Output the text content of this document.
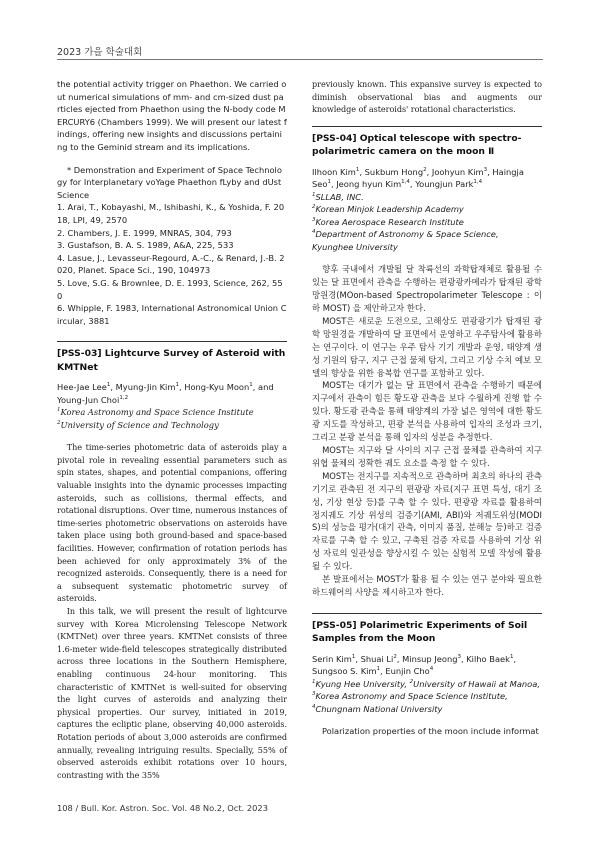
2023 가을 학술대회

the potential activity trigger on Phaethon. We carried out numerical simulations of mm- and cm-sized dust particles ejected from Phaethon using the N-body code MERCURY6 (Chambers 1999). We will present our latest findings, offering new insights and discussions pertaining to the Geminid stream and its implications.

* Demonstration and Experiment of Space Technology for Interplanetary voYage Phaethon fLyby and dUst Science

1. Arai, T., Kobayashi, M., Ishibashi, K., & Yoshida, F. 2018, LPI, 49, 2570

2. Chambers, J. E. 1999, MNRAS, 304, 793

3. Gustafson, B. A. S. 1989, A&A, 225, 533

4. Lasue, J., Levasseur-Regourd, A.-C., & Renard, J.-B. 2020, Planet. Space Sci., 190, 104973

5. Love, S.G. & Brownlee, D. E. 1993, Science, 262, 550

6. Whipple, F. 1983, International Astronomical Union Circular, 3881

[PSS-03] Lightcurve Survey of Asteroid with KMTNet
Hee-Jae Lee$^1$, Myung-Jin Kim$^1$, Hong-Kyu Moon$^1$, and Young-Jun Choi$^{1,2}$
$^1$Korea Astronomy and Space Science Institute
$^2$University of Science and Technology

The time-series photometric data of asteroids play a pivotal role in revealing essential parameters such as spin states, shapes, and potential companions, offering valuable insights into the dynamic processes impacting asteroids, such as collisions, thermal effects, and rotational disruptions. Over time, numerous instances of time-series photometric observations on asteroids have taken place using both ground-based and space-based facilities. However, confirmation of rotation periods has been achieved for only approximately 3% of the recognized asteroids. Consequently, there is a need for a subsequent systematic photometric survey of asteroids.

In this talk, we will present the result of lightcurve survey with Korea Microlensing Telescope Network (KMTNet) over three years. KMTNet consists of three 1.6-meter wide-field telescopes strategically distributed across three locations in the Southern Hemisphere, enabling continuous 24-hour monitoring. This characteristic of KMTNet is well-suited for observing the light curves of asteroids and analyzing their physical properties. Our survey, initiated in 2019, captures the ecliptic plane, observing 40,000 asteroids. Rotation periods of about 3,000 asteroids are confirmed annually, revealing intriguing results. Specially, 55% of observed asteroids exhibit rotations over 10 hours, contrasting with the 35%

previously known. This expansive survey is expected to diminish observational bias and augments our knowledge of asteroids' rotational characteristics.

[PSS-04] Optical telescope with spectro-polarimetric camera on the moon Ⅱ
Ilhoon Kim$^1$, Sukbum Hong$^2$, Joohyun Kim$^3$, Haingja Seo$^1$, Jeong hyun Kim$^{1,4}$, Youngjun Park$^{1,4}$
$^1$SLLAB, INC.
$^2$Korean Minjok Leadership Academy
$^3$Korea Aerospace Research Institute
$^4$Department of Astronomy & Space Science, Kyunghee University

향후 국내에서 개발될 달 착륙선의 과학탑재체로 활용될 수 있는 달 표면에서 관측을 수행하는 편광광카메라가 탑재된 광학망원경(MOon-based Spectropolarimeter Telescope : 이하 MOST) 을 제안하고자 한다.

MOST은 새로운 도전으로, 고해상도 편광광기가 탑재된 광학 망원경을 개발하여 달 표면에서 운영하고 우주탐사에 활용하는 연구이다. 이 연구는 우주 탐사 기기 개발과 운영, 태양계 생성 기원의 탐구, 지구 근접 물체 탐지, 그리고 기상 수치 예보 모델의 향상을 위한 융복합 연구를 포함하고 있다.

MOST는 대기가 없는 달 표면에서 관측을 수행하기 때문에 지구에서 관측이 힘든 황도광 관측을 보다 수월하게 진행 할 수 있다. 황도광 관측을 통해 태양계의 가장 넓은 영역에 대한 황도광 지도를 작성하고, 편광 분석을 사용하여 입자의 조성과 크기, 그리고 분광 분석을 통해 입자의 성분을 추정한다.

MOST는 지구와 달 사이의 지구 근접 물체를 관측하여 지구 위협 물체의 정확한 궤도 요소를 측정 할 수 있다.

MOST는 전지구를 지속적으로 관측하며 최초의 하나의 관측기기로 관측된 전 지구의 편광광 자료(지구 표면 특성, 대기 조성, 기상 현상 등)를 구축 할 수 있다. 편광광 자료를 활용하여 정지궤도 기상 위성의 검증기(AMI, ABI)와 저궤도위성(MODIS)의 성능을 평가(대기 관측, 이미지 품질, 분해능 등)하고 검증 자료를 구축 할 수 있고, 구축된 검증 자료를 사용하여 기상 위성 자료의 일관성을 향상시킬 수 있는 실험적 모델 작성에 활용 될 수 있다.

본 발표에서는 MOST가 활용 될 수 있는 연구 분야와 필요한 하드웨어의 사양을 제시하고자 한다.

[PSS-05] Polarimetric Experiments of Soil Samples from the Moon
Serin Kim$^1$, Shuai Li$^2$, Minsup Jeong$^3$, Kilho Baek$^1$, Sungsoo S. Kim$^1$, Eunjin Cho$^4$
$^1$Kyung Hee University, $^2$University of Hawaii at Manoa,
$^3$Korea Astronomy and Space Science Institute,
$^4$Chungnam National University

Polarization properties of the moon include informat

108 / Bull. Kor. Astron. Soc. Vol. 48 No.2, Oct. 2023
